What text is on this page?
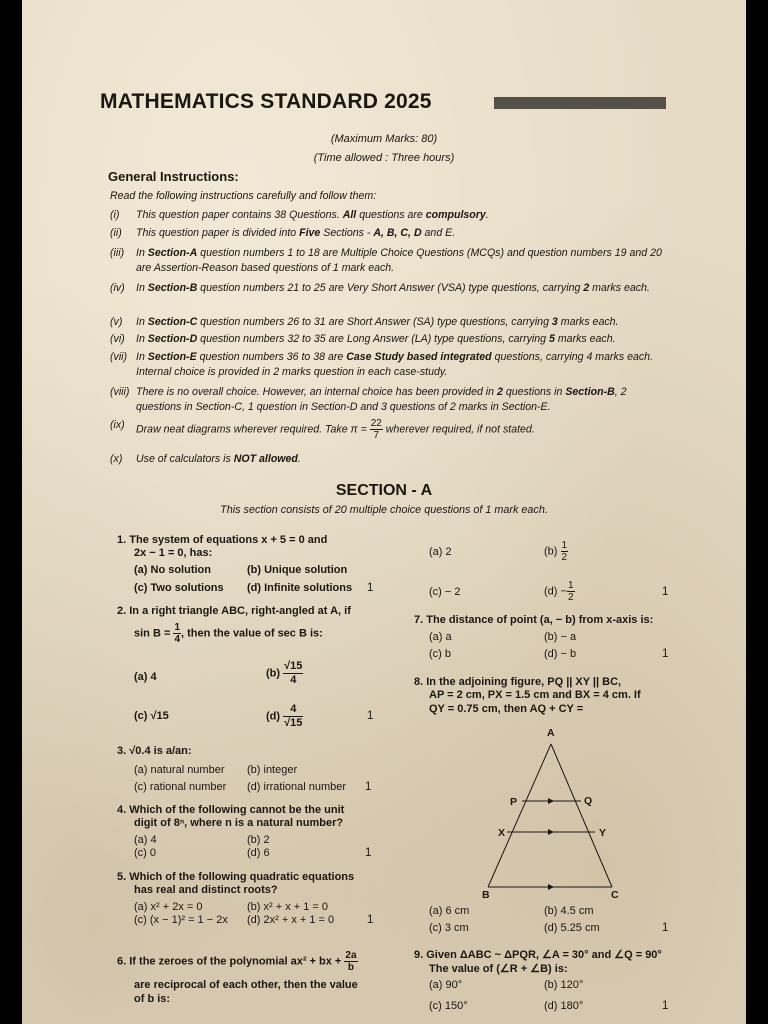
MATHEMATICS STANDARD 2025
(Maximum Marks: 80)
(Time allowed : Three hours)
General Instructions:
Read the following instructions carefully and follow them:
(i) This question paper contains 38 Questions. All questions are compulsory.
(ii) This question paper is divided into Five Sections - A, B, C, D and E.
(iii) In Section-A question numbers 1 to 18 are Multiple Choice Questions (MCQs) and question numbers 19 and 20 are Assertion-Reason based questions of 1 mark each.
(iv) In Section-B question numbers 21 to 25 are Very Short Answer (VSA) type questions, carrying 2 marks each.
(v) In Section-C question numbers 26 to 31 are Short Answer (SA) type questions, carrying 3 marks each.
(vi) In Section-D question numbers 32 to 35 are Long Answer (LA) type questions, carrying 5 marks each.
(vii) In Section-E question numbers 36 to 38 are Case Study based integrated questions, carrying 4 marks each. Internal choice is provided in 2 marks question in each case-study.
(viii) There is no overall choice. However, an internal choice has been provided in 2 questions in Section-B, 2 questions in Section-C, 1 question in Section-D and 3 questions of 2 marks in Section-E.
(ix) Draw neat diagrams wherever required. Take $\pi = \frac{22}{7}$ wherever required, if not stated.
(x) Use of calculators is NOT allowed.
SECTION - A
This section consists of 20 multiple choice questions of 1 mark each.
1. The system of equations x + 5 = 0 and
2x − 1 = 0, has:
(a) No solution	(b) Unique solution
(c) Two solutions (d) Infinite solutions 1
2. In a right triangle ABC, right-angled at A, if
$\sin B = \frac{1}{4}$ , then the value of sec B is:
(a) 4	$(b) \frac{√15}{4}$
(c) √15	$(d) \frac{4}{√15}$	1
3. √0.4 is a/an:
(a) natural number (b) integer
(c) rational number (d) irrational number 1
4. Which of the following cannot be the unit
digit of 8ⁿ, where n is a natural number?
(a) 4	(b) 2
(c) 0	(d) 6	1
5. Which of the following quadratic equations
has real and distinct roots?
(a) x² + 2x = 0	(b) x² + x + 1 = 0
(c) (x − 1)² = 1 − 2x (d) 2x² + x + 1 = 0	1
6. If the zeroes of the polynomial ax² + bx + $\frac{2a}{b}$
are reciprocal of each other, then the value
of b is:
(a) 2	$(b) \frac{1}{2}$
(c) − 2	$(d) - \frac{1}{2}$	1
7. The distance of point (a, − b) from x-axis is:
(a) a	(b) − a
(c) b	(d) − b	1
8. In the adjoining figure, PQ || XY || BC,
AP = 2 cm, PX = 1.5 cm and BX = 4 cm. If
QY = 0.75 cm, then AQ + CY =
A
P	Q
X	Y
B	C
(a) 6 cm	(b) 4.5 cm
(c) 3 cm	(d) 5.25 cm	1
9. Given ΔABC ~ ΔPQR, ∠A = 30° and ∠Q = 90°
The value of (∠R + ∠B) is:
(a) 90°	(b) 120°
(c) 150°	(d) 180°	1
